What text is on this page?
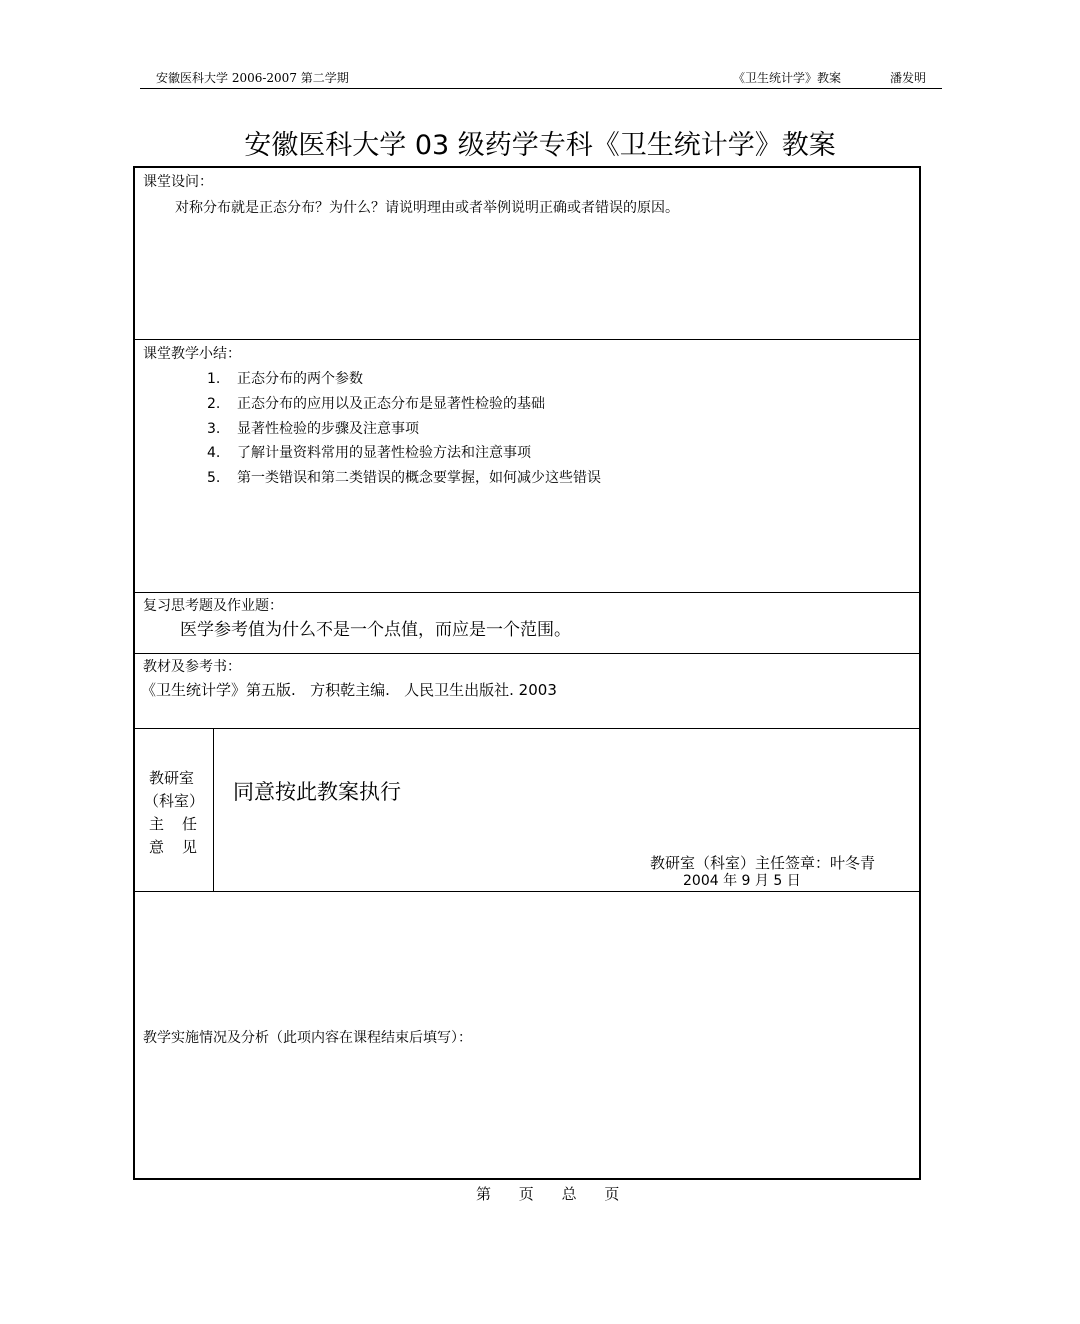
安徽医科大学 2006-2007 第二学期	《卫生统计学》教案	潘发明
安徽医科大学 03 级药学专科《卫生统计学》教案
课堂设问：
对称分布就是正态分布？为什么？请说明理由或者举例说明正确或者错误的原因。
课堂教学小结：
1. 正态分布的两个参数
2. 正态分布的应用以及正态分布是显著性检验的基础
3. 显著性检验的步骤及注意事项
4. 了解计量资料常用的显著性检验方法和注意事项
5. 第一类错误和第二类错误的概念要掌握，如何减少这些错误
复习思考题及作业题：
医学参考值为什么不是一个点值，而应是一个范围。
教材及参考书：
《卫生统计学》第五版.   方积乾主编.   人民卫生出版社. 2003
教研室
（科室）
主 任
意 见
同意按此教案执行
教研室（科室）主任签章：叶冬青
2004 年 9 月 5 日
教学实施情况及分析（此项内容在课程结束后填写）：
第 页 总 页
